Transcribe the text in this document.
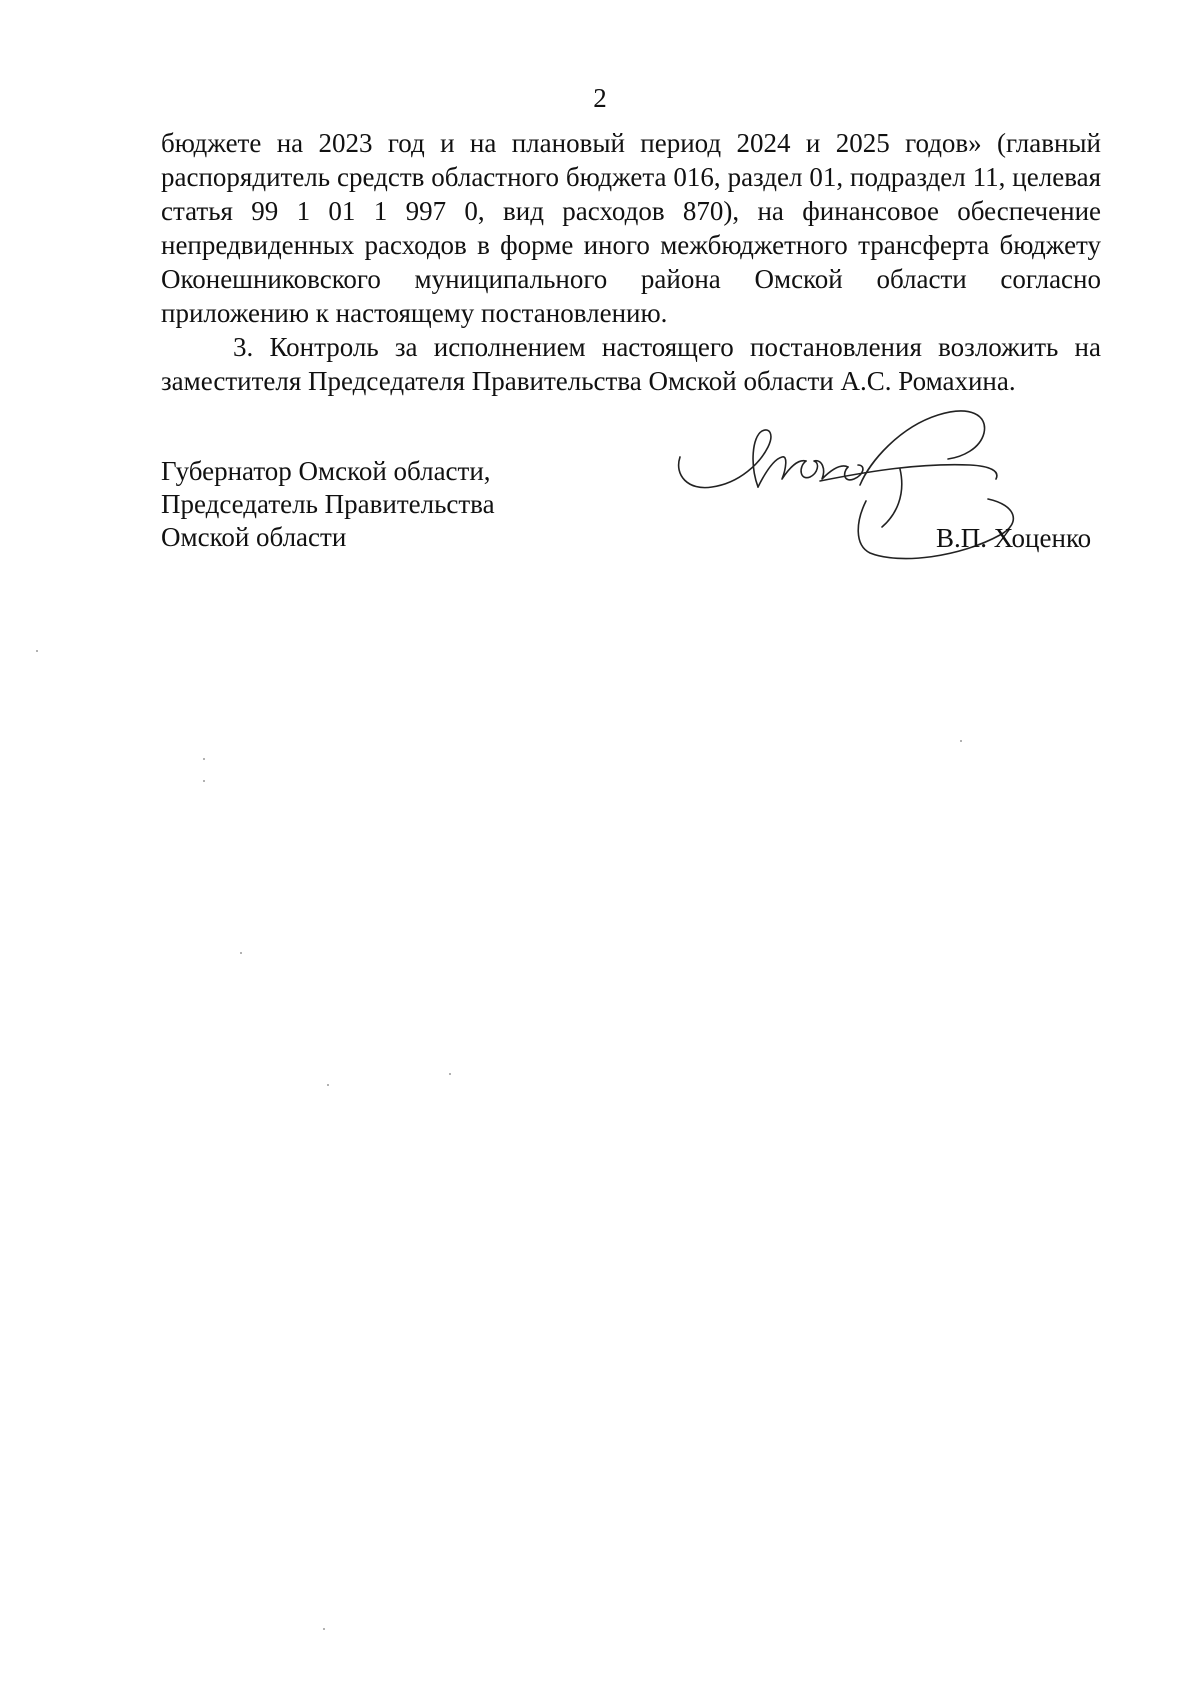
2

бюджете на 2023 год и на плановый период 2024 и 2025 годов» (главный распорядитель средств областного бюджета 016, раздел 01, подраздел 11, целевая статья 99 1 01 1 997 0, вид расходов 870), на финансовое обеспечение непредвиденных расходов в форме иного межбюджетного трансферта бюджету Оконешниковского муниципального района Омской области согласно приложению к настоящему постановлению.

3. Контроль за исполнением настоящего постановления возложить на заместителя Председателя Правительства Омской области А.С. Ромахина.

Губернатор Омской области,
Председатель Правительства
Омской области	В.П. Хоценко
